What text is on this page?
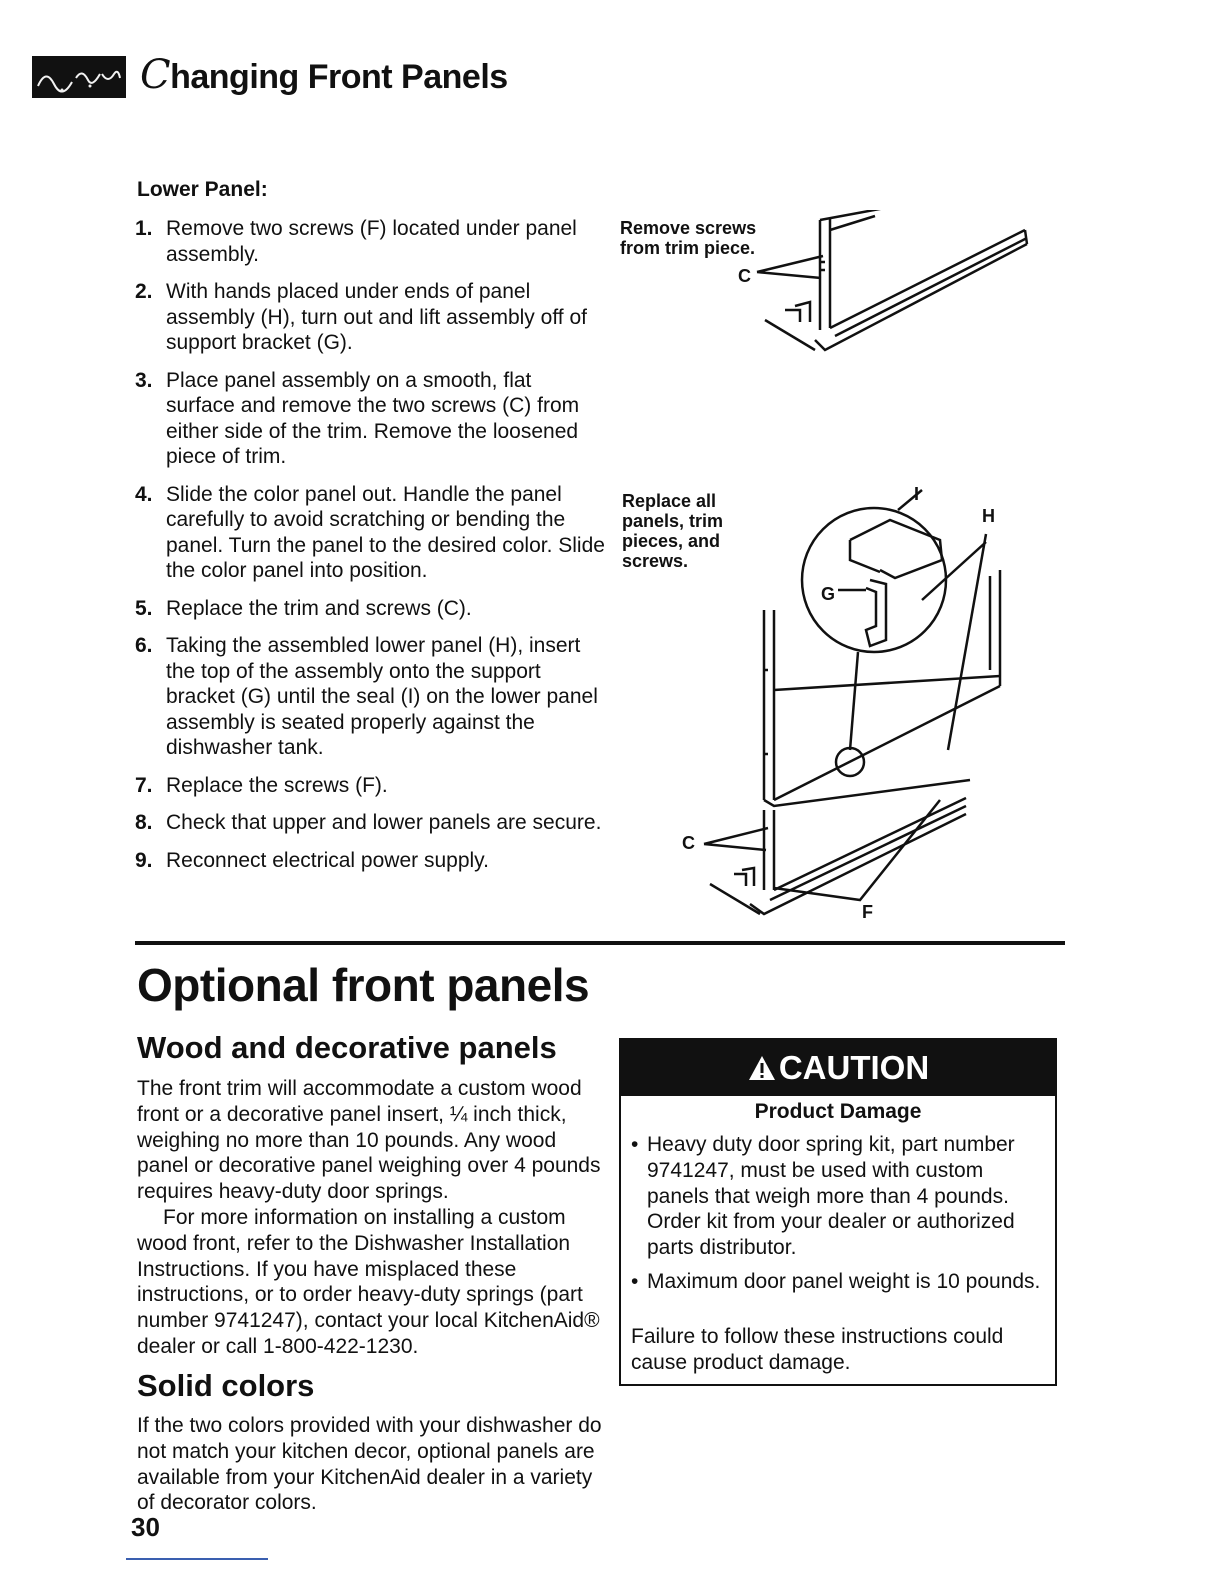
Changing Front Panels
Lower Panel:
1. Remove two screws (F) located under panel assembly.
2. With hands placed under ends of panel assembly (H), turn out and lift assembly off of support bracket (G).
3. Place panel assembly on a smooth, flat surface and remove the two screws (C) from either side of the trim. Remove the loosened piece of trim.
4. Slide the color panel out. Handle the panel carefully to avoid scratching or bending the panel. Turn the panel to the desired color. Slide the color panel into position.
5. Replace the trim and screws (C).
6. Taking the assembled lower panel (H), insert the top of the assembly onto the support bracket (G) until the seal (I) on the lower panel assembly is seated properly against the dishwasher tank.
7. Replace the screws (F).
8. Check that upper and lower panels are secure.
9. Reconnect electrical power supply.
Remove screws
from trim piece.
C
Replace all
panels, trim
pieces, and
screws.
I
H
G
C
F
Optional front panels
Wood and decorative panels

The front trim will accommodate a custom wood front or a decorative panel insert, ¼ inch thick, weighing no more than 10 pounds. Any wood panel or decorative panel weighing over 4 pounds requires heavy-duty door springs.

For more information on installing a custom wood front, refer to the Dishwasher Installation Instructions. If you have misplaced these instructions, or to order heavy-duty springs (part number 9741247), contact your local KitchenAid® dealer or call 1-800-422-1230.

Solid colors

If the two colors provided with your dishwasher do not match your kitchen decor, optional panels are available from your KitchenAid dealer in a variety of decorator colors.

CAUTION
Product Damage
• Heavy duty door spring kit, part number 9741247, must be used with custom panels that weigh more than 4 pounds. Order kit from your dealer or authorized parts distributor.
• Maximum door panel weight is 10 pounds.
Failure to follow these instructions could cause product damage.
30
